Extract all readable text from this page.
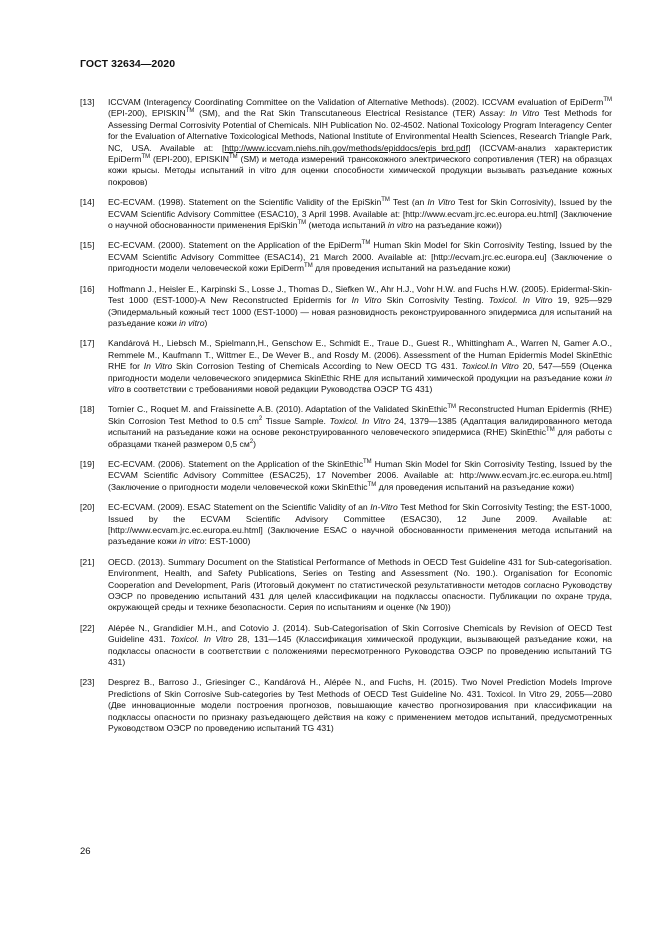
ГОСТ 32634—2020
[13] ICCVAM (Interagency Coordinating Committee on the Validation of Alternative Methods). (2002). ICCVAM evaluation of EpiDerm™ (EPI-200), EPISKIN™ (SM), and the Rat Skin Transcutaneous Electrical Resistance (TER) Assay: In Vitro Test Methods for Assessing Dermal Corrosivity Potential of Chemicals. NIH Publication No. 02-4502. National Toxicology Program Interagency Center for the Evaluation of Alternative Toxicological Methods, National Institute of Environmental Health Sciences, Research Triangle Park, NC, USA. Available at: [http://www.iccvam.niehs.nih.gov/methods/epiddocs/epis_brd.pdf] (ICCVAM-анализ характеристик EpiDerm™ (EPI-200), EPISKIN™ (SM) и метода измерений трансокожного электрического сопротивления (TER) на образцах кожи крысы. Методы испытаний in vitro для оценки способности химической продукции вызывать разъедание кожных покровов)
[14] EC-ECVAM. (1998). Statement on the Scientific Validity of the EpiSkin™ Test (an In Vitro Test for Skin Corrosivity), Issued by the ECVAM Scientific Advisory Committee (ESAC10), 3 April 1998. Available at: [http://www.ecvam.jrc.ec.europa.eu.html] (Заключение о научной обоснованности применения EpiSkin™ (метода испытаний in vitro на разъедание кожи))
[15] EC-ECVAM. (2000). Statement on the Application of the EpiDerm™ Human Skin Model for Skin Corrosivity Testing, Issued by the ECVAM Scientific Advisory Committee (ESAC14), 21 March 2000. Available at: [http://ecvam.jrc.ec.europa.eu] (Заключение о пригодности модели человеческой кожи EpiDerm™ для проведения испытаний на разъедание кожи)
[16] Hoffmann J., Heisler E., Karpinski S., Losse J., Thomas D., Siefken W., Ahr H.J., Vohr H.W. and Fuchs H.W. (2005). Epidermal-Skin-Test 1000 (EST-1000)-A New Reconstructed Epidermis for In Vitro Skin Corrosivity Testing. Toxicol. In Vitro 19, 925—929 (Эпидермальный кожный тест 1000 (EST-1000) — новая разновидность реконструированного эпидермиса для испытаний на разъедание кожи in vitro)
[17] Kandárová H., Liebsch M., Spielmann,H., Genschow E., Schmidt E., Traue D., Guest R., Whittingham A., Warren N, Gamer A.O., Remmele M., Kaufmann T., Wittmer E., De Wever B., and Rosdy M. (2006). Assessment of the Human Epidermis Model SkinEthic RHE for In Vitro Skin Corrosion Testing of Chemicals According to New OECD TG 431. Toxicol.In Vitro 20, 547—559 (Оценка пригодности модели человеческого эпидермиса SkinEthic RHE для испытаний химической продукции на разъедание кожи in vitro в соответствии с требованиями новой редакции Руководства ОЭСР TG 431)
[18] Tornier C., Roquet M. and Fraissinette A.B. (2010). Adaptation of the Validated SkinEthic™ Reconstructed Human Epidermis (RHE) Skin Corrosion Test Method to 0.5 $cm^2$ Tissue Sample. Toxicol. In Vitro 24, 1379—1385 (Адаптация валидированного метода испытаний на разъедание кожи на основе реконструированного человеческого эпидермиса (RHE) SkinEthic™ для работы с образцами тканей размером 0,5 $см^2$)
[19] EC-ECVAM. (2006). Statement on the Application of the SkinEthic™ Human Skin Model for Skin Corrosivity Testing, Issued by the ECVAM Scientific Advisory Committee (ESAC25), 17 November 2006. Available at: http://www.ecvam.jrc.ec.europa.eu.html] (Заключение о пригодности модели человеческой кожи SkinEthic™ для проведения испытаний на разъедание кожи)
[20] EC-ECVAM. (2009). ESAC Statement on the Scientific Validity of an In-Vitro Test Method for Skin Corrosivity Testing; the EST-1000, Issued by the ECVAM Scientific Advisory Committee (ESAC30), 12 June 2009. Available at: [http://www.ecvam.jrc.ec.europa.eu.html] (Заключение ESAC о научной обоснованности применения метода испытаний на разъедание кожи in vitro: EST-1000)
[21] OECD. (2013). Summary Document on the Statistical Performance of Methods in OECD Test Guideline 431 for Sub-categorisation. Environment, Health, and Safety Publications, Series on Testing and Assessment (No. 190.). Organisation for Economic Cooperation and Development, Paris (Итоговый документ по статистической результативности методов согласно Руководству ОЭСР по проведению испытаний 431 для целей классификации на подклассы опасности. Публикации по охране труда, окружающей среды и технике безопасности. Серия по испытаниям и оценке (№ 190))
[22] Alépée N., Grandidier M.H., and Cotovio J. (2014). Sub-Categorisation of Skin Corrosive Chemicals by Revision of OECD Test Guideline 431. Toxicol. In Vitro 28, 131—145 (Классификация химической продукции, вызывающей разъедание кожи, на подклассы опасности в соответствии с положениями пересмотренного Руководства ОЭСР по проведению испытаний TG 431)
[23] Desprez B., Barroso J., Griesinger C., Kandárová H., Alépée N., and Fuchs, H. (2015). Two Novel Prediction Models Improve Predictions of Skin Corrosive Sub-categories by Test Methods of OECD Test Guideline No. 431. Toxicol. In Vitro 29, 2055—2080 (Две инновационные модели построения прогнозов, повышающие качество прогнозирования при классификации на подклассы опасности по признаку разъедающего действия на кожу с применением методов испытаний, предусмотренных Руководством ОЭСР по проведению испытаний TG 431)
26
